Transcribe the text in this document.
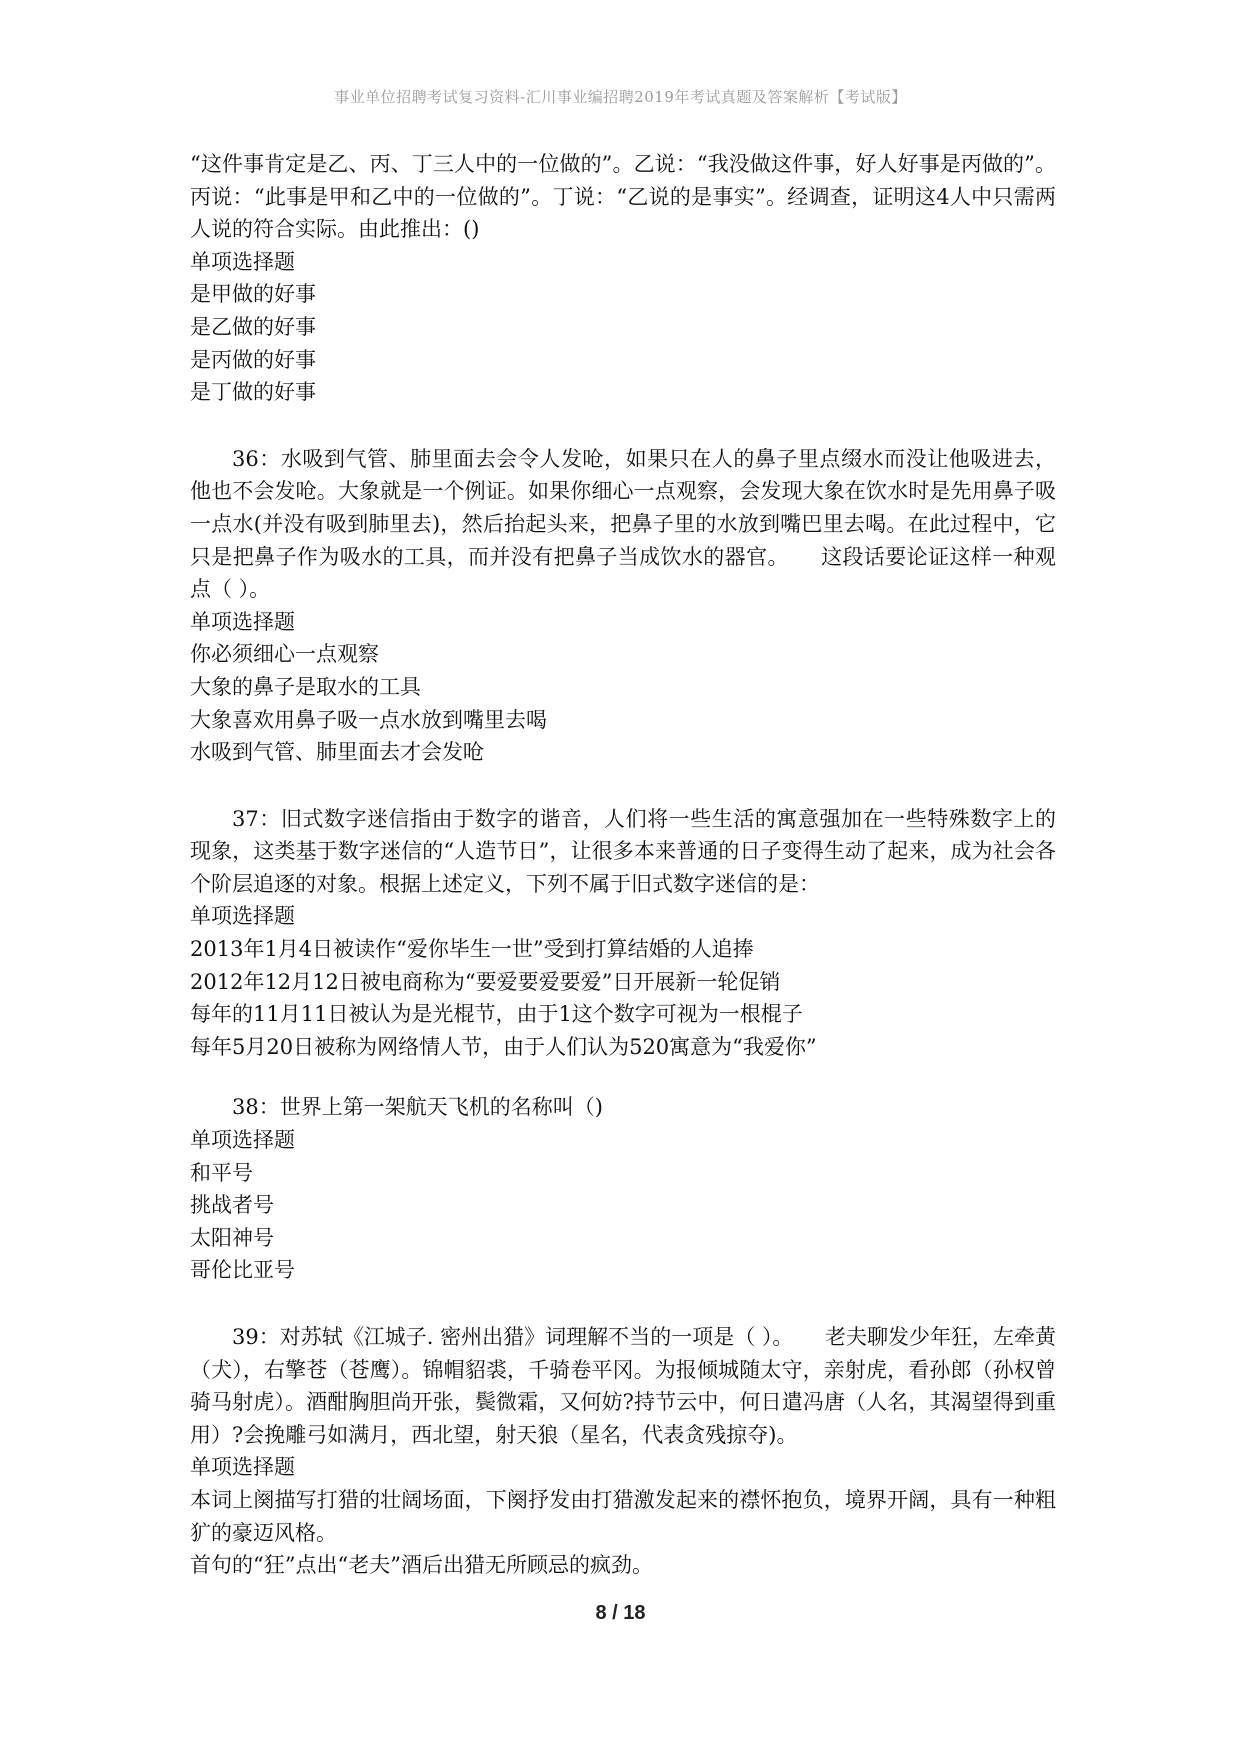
事业单位招聘考试复习资料-汇川事业编招聘2019年考试真题及答案解析【考试版】

“这件事肯定是乙、丙、丁三人中的一位做的”。乙说：“我没做这件事，好人好事是丙做的”。丙说：“此事是甲和乙中的一位做的”。丁说：“乙说的是事实”。经调查，证明这4人中只需两人说的符合实际。由此推出：()

单项选择题

是甲做的好事

是乙做的好事

是丙做的好事

是丁做的好事

36：水吸到气管、肺里面去会令人发呛，如果只在人的鼻子里点缀水而没让他吸进去，他也不会发呛。大象就是一个例证。如果你细心一点观察，会发现大象在饮水时是先用鼻子吸一点水(并没有吸到肺里去)，然后抬起头来，把鼻子里的水放到嘴巴里去喝。在此过程中，它只是把鼻子作为吸水的工具，而并没有把鼻子当成饮水的器官。　　这段话要论证这样一种观点（ ）。

单项选择题

你必须细心一点观察

大象的鼻子是取水的工具

大象喜欢用鼻子吸一点水放到嘴里去喝

水吸到气管、肺里面去才会发呛

37：旧式数字迷信指由于数字的谐音，人们将一些生活的寓意强加在一些特殊数字上的现象，这类基于数字迷信的“人造节日”，让很多本来普通的日子变得生动了起来，成为社会各个阶层追逐的对象。根据上述定义，下列不属于旧式数字迷信的是：

单项选择题

2013年1月4日被读作“爱你毕生一世”受到打算结婚的人追捧

2012年12月12日被电商称为“要爱要爱要爱”日开展新一轮促销

每年的11月11日被认为是光棍节，由于1这个数字可视为一根棍子

每年5月20日被称为网络情人节，由于人们认为520寓意为“我爱你”

38：世界上第一架航天飞机的名称叫（)

单项选择题

和平号

挑战者号

太阳神号

哥伦比亚号

39：对苏轼《江城子. 密州出猎》词理解不当的一项是（ ）。　　老夫聊发少年狂，左牵黄（犬），右擎苍（苍鹰）。锦帽貂裘，千骑卷平冈。为报倾城随太守，亲射虎，看孙郎（孙权曾骑马射虎）。酒酣胸胆尚开张，鬓微霜，又何妨?持节云中，何日遣冯唐（人名，其渴望得到重用）?会挽雕弓如满月，西北望，射天狼（星名，代表贪残掠夺)。

单项选择题

本词上阕描写打猎的壮阔场面，下阕抒发由打猎激发起来的襟怀抱负，境界开阔，具有一种粗犷的豪迈风格。

首句的“狂”点出“老夫”酒后出猎无所顾忌的疯劲。

8 / 18
